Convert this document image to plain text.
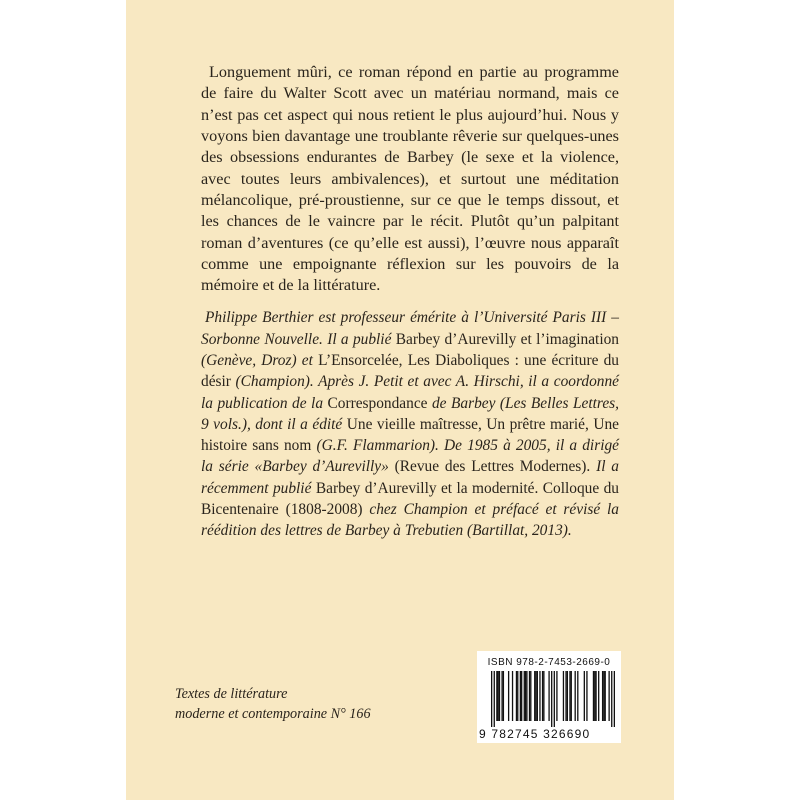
Longuement mûri, ce roman répond en partie au programme de faire du Walter Scott avec un matériau normand, mais ce n’est pas cet aspect qui nous retient le plus aujourd’hui. Nous y voyons bien davantage une troublante rêverie sur quelques-unes des obsessions endurantes de Barbey (le sexe et la violence, avec toutes leurs ambivalences), et surtout une méditation mélancolique, pré-proustienne, sur ce que le temps dissout, et les chances de le vaincre par le récit. Plutôt qu’un palpitant roman d’aventures (ce qu’elle est aussi), l’œuvre nous apparaît comme une empoignante réflexion sur les pouvoirs de la mémoire et de la littérature.

Philippe Berthier est professeur émérite à l’Université Paris III – Sorbonne Nouvelle. Il a publié Barbey d’Aurevilly et l’imagination (Genève, Droz) et L’Ensorcelée, Les Diaboliques : une écriture du désir (Champion). Après J. Petit et avec A. Hirschi, il a coordonné la publication de la Correspondance de Barbey (Les Belles Lettres, 9 vols.), dont il a édité Une vieille maîtresse, Un prêtre marié, Une histoire sans nom (G.F. Flammarion). De 1985 à 2005, il a dirigé la série «Barbey d’Aurevilly» (Revue des Lettres Modernes). Il a récemment publié Barbey d’Aurevilly et la modernité. Colloque du Bicentenaire (1808-2008) chez Champion et préfacé et révisé la réédition des lettres de Barbey à Trebutien (Bartillat, 2013).

Textes de littérature
moderne et contemporaine N° 166
ISBN 978-2-7453-2669-0
9 782745 326690
